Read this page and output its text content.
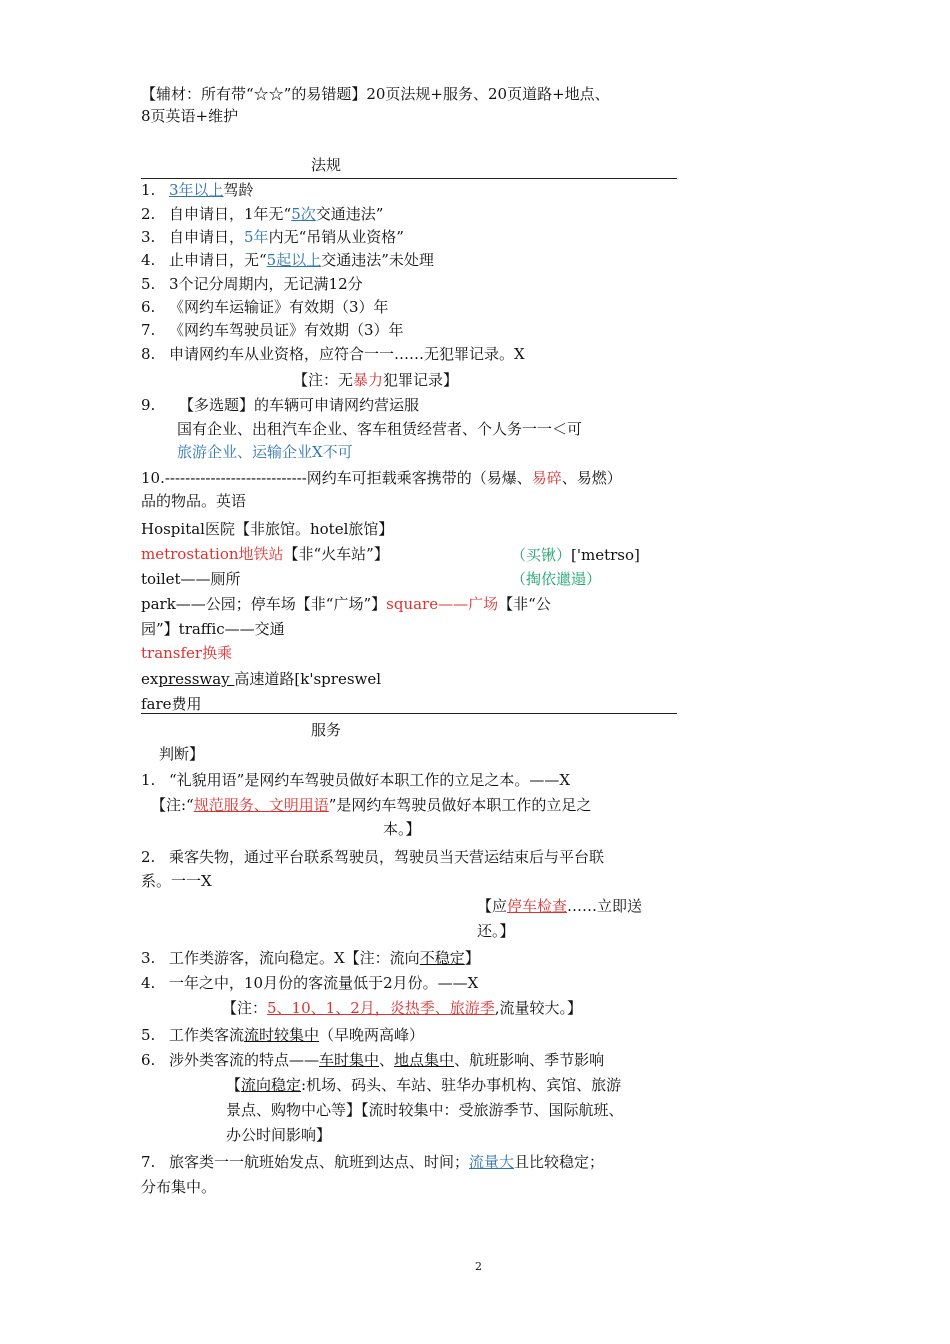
【辅材：所有带“☆☆”的易错题】20页法规+服务、20页道路+地点、
8页英语+维护
法规
1. 3年以上驾龄
2. 自申请日，1年无“5次交通违法”
3. 自申请日，5年内无“吊销从业资格”
4. 止申请日，无“5起以上交通违法”未处理
5. 3个记分周期内，无记满12分
6. 《网约车运输证》有效期（3）年
7. 《网约车驾驶员证》有效期（3）年
8. 申请网约车从业资格，应符合一一……无犯罪记录。X
【注：无暴力犯罪记录】
9. 【多选题】的车辆可申请网约营运服
国有企业、出租汽车企业、客车租赁经营者、个人务一一＜可
旅游企业、运输企业X不可
10.----------------------------网约车可拒载乘客携带的（易爆、易碎、易燃）
品的物品。英语
Hospital医院【非旅馆。hotel旅馆】
metrostation地铁站【非“火车站”】	（买锹）['metrso]
toilet——厕所	（掏依邋遢）
park——公园；停车场【非“广场”】square——广场【非“公
园”】traffic——交通
transfer换乘
expressway 高速道路[k'spreswel
fare费用
服务
判断】
1. “礼貌用语”是网约车驾驶员做好本职工作的立足之本。——X
【注:“规范服务、文明用语”是网约车驾驶员做好本职工作的立足之
本。】
2. 乘客失物，通过平台联系驾驶员，驾驶员当天营运结束后与平台联
系。一一X
【应停车检查……立即送
还。】
3. 工作类游客，流向稳定。X【注：流向不稳定】
4. 一年之中，10月份的客流量低于2月份。——X
【注：5、10、1、2月，炎热季、旅游季,流量较大。】
5. 工作类客流流时较集中（早晚两高峰）
6. 涉外类客流的特点——车时集中、地点集中、航班影响、季节影响
【流向稳定:机场、码头、车站、驻华办事机构、宾馆、旅游
景点、购物中心等】【流时较集中：受旅游季节、国际航班、
办公时间影响】
7. 旅客类一一航班始发点、航班到达点、时间；流量大且比较稳定；
分布集中。
2
